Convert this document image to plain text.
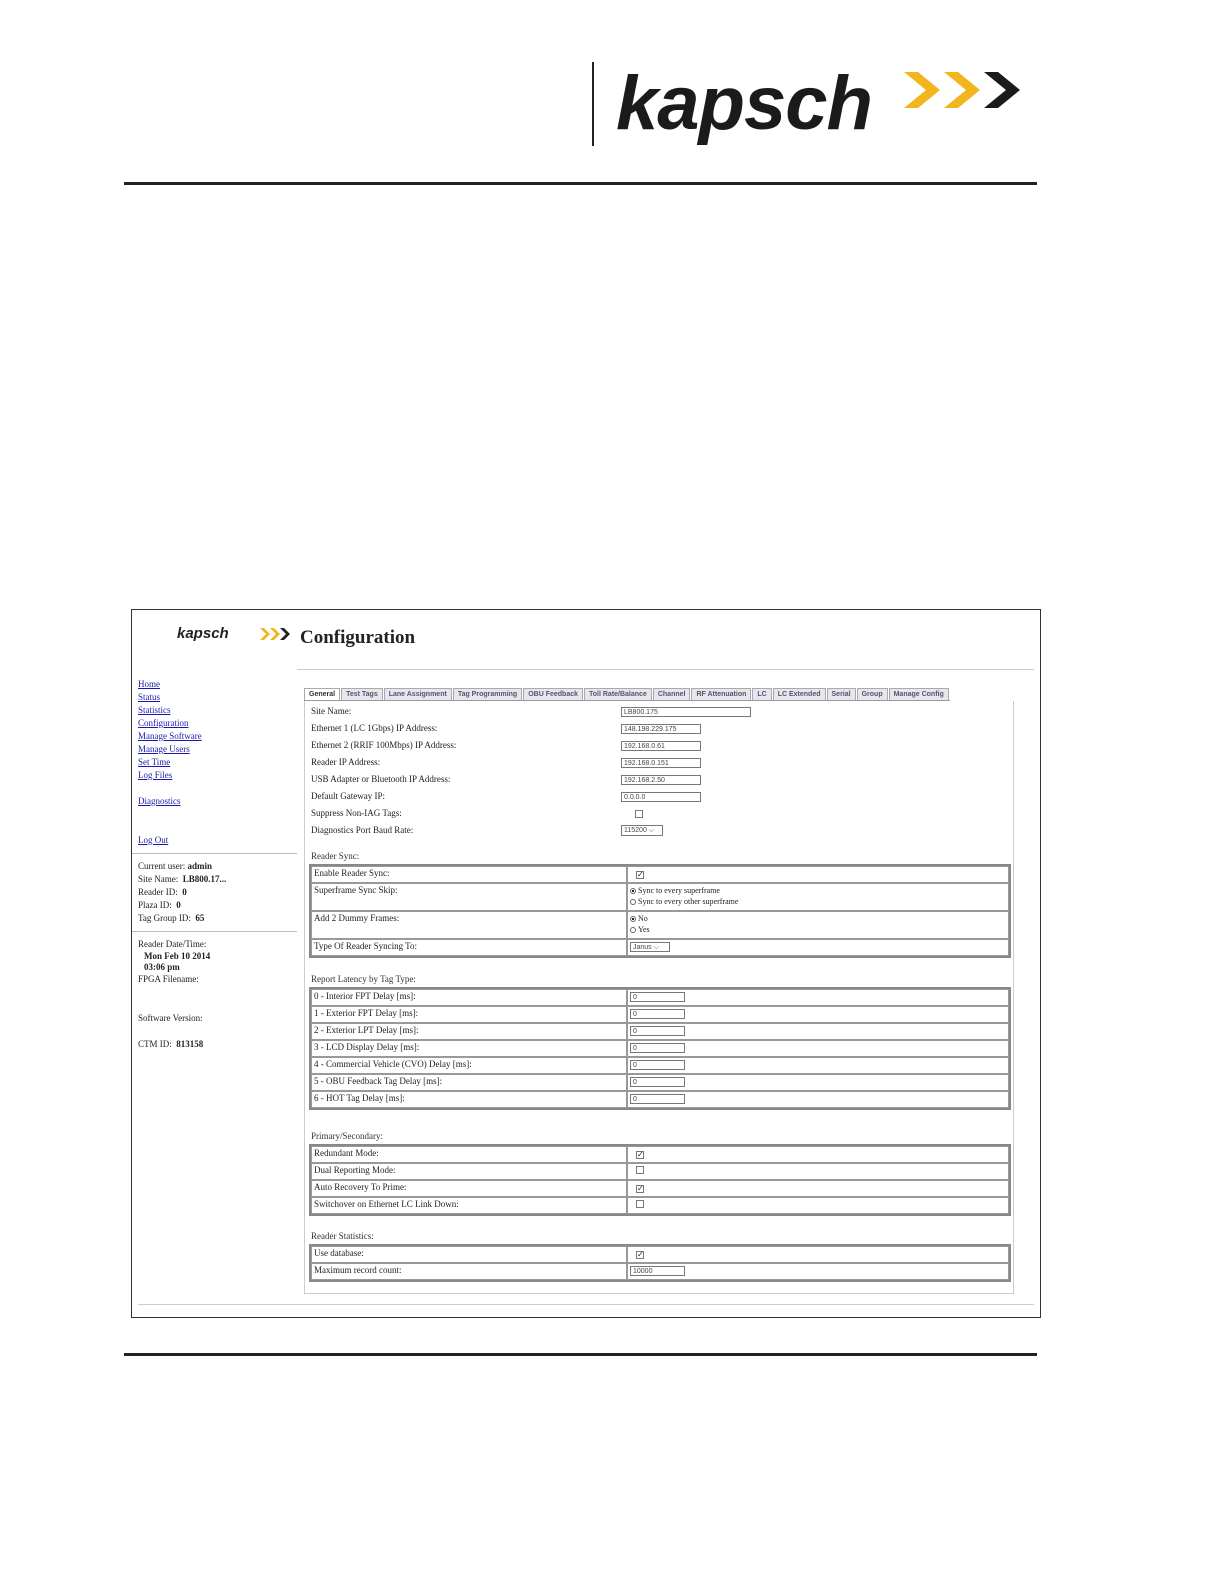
kapsch
kapsch	Configuration
Home
Status
Statistics
Configuration
Manage Software
Manage Users
Set Time
Log Files
Diagnostics
Log Out
Current user: admin
Site Name: LB800.17...
Reader ID: 0
Plaza ID: 0
Tag Group ID: 65
Reader Date/Time:
Mon Feb 10 2014
03:06 pm
FPGA Filename:
Software Version:
CTM ID: 813158
General	Test Tags	Lane Assignment	Tag Programming	OBU Feedback	Toll Rate/Balance	Channel	RF Attenuation	LC	LC Extended	Serial	Group	Manage Config
Site Name:	LB800.175
Ethernet 1 (LC 1Gbps) IP Address:	148.198.229.175
Ethernet 2 (RRIF 100Mbps) IP Address:	192.168.0.61
Reader IP Address:	192.168.0.151
USB Adapter or Bluetooth IP Address:	192.168.2.50
Default Gateway IP:	0.0.0.0
Suppress Non-IAG Tags:
Diagnostics Port Baud Rate:	115200 ⌵
Reader Sync:
Enable Reader Sync:	✓
Superframe Sync Skip:	Sync to every superframe
Sync to every other superframe

Add 2 Dummy Frames:	No
Yes

Type Of Reader Syncing To:	Janus ⌵
Report Latency by Tag Type:
0 - Interior FPT Delay [ms]:	0
1 - Exterior FPT Delay [ms]:	0
2 - Exterior LPT Delay [ms]:	0
3 - LCD Display Delay [ms]:	0
4 - Commercial Vehicle (CVO) Delay [ms]:	0
5 - OBU Feedback Tag Delay [ms]:	0
6 - HOT Tag Delay [ms]:	0
Primary/Secondary:
Redundant Mode:	✓
Dual Reporting Mode:	
Auto Recovery To Prime:	✓
Switchover on Ethernet LC Link Down:	
Reader Statistics:
Use database:	✓
Maximum record count:	10000
